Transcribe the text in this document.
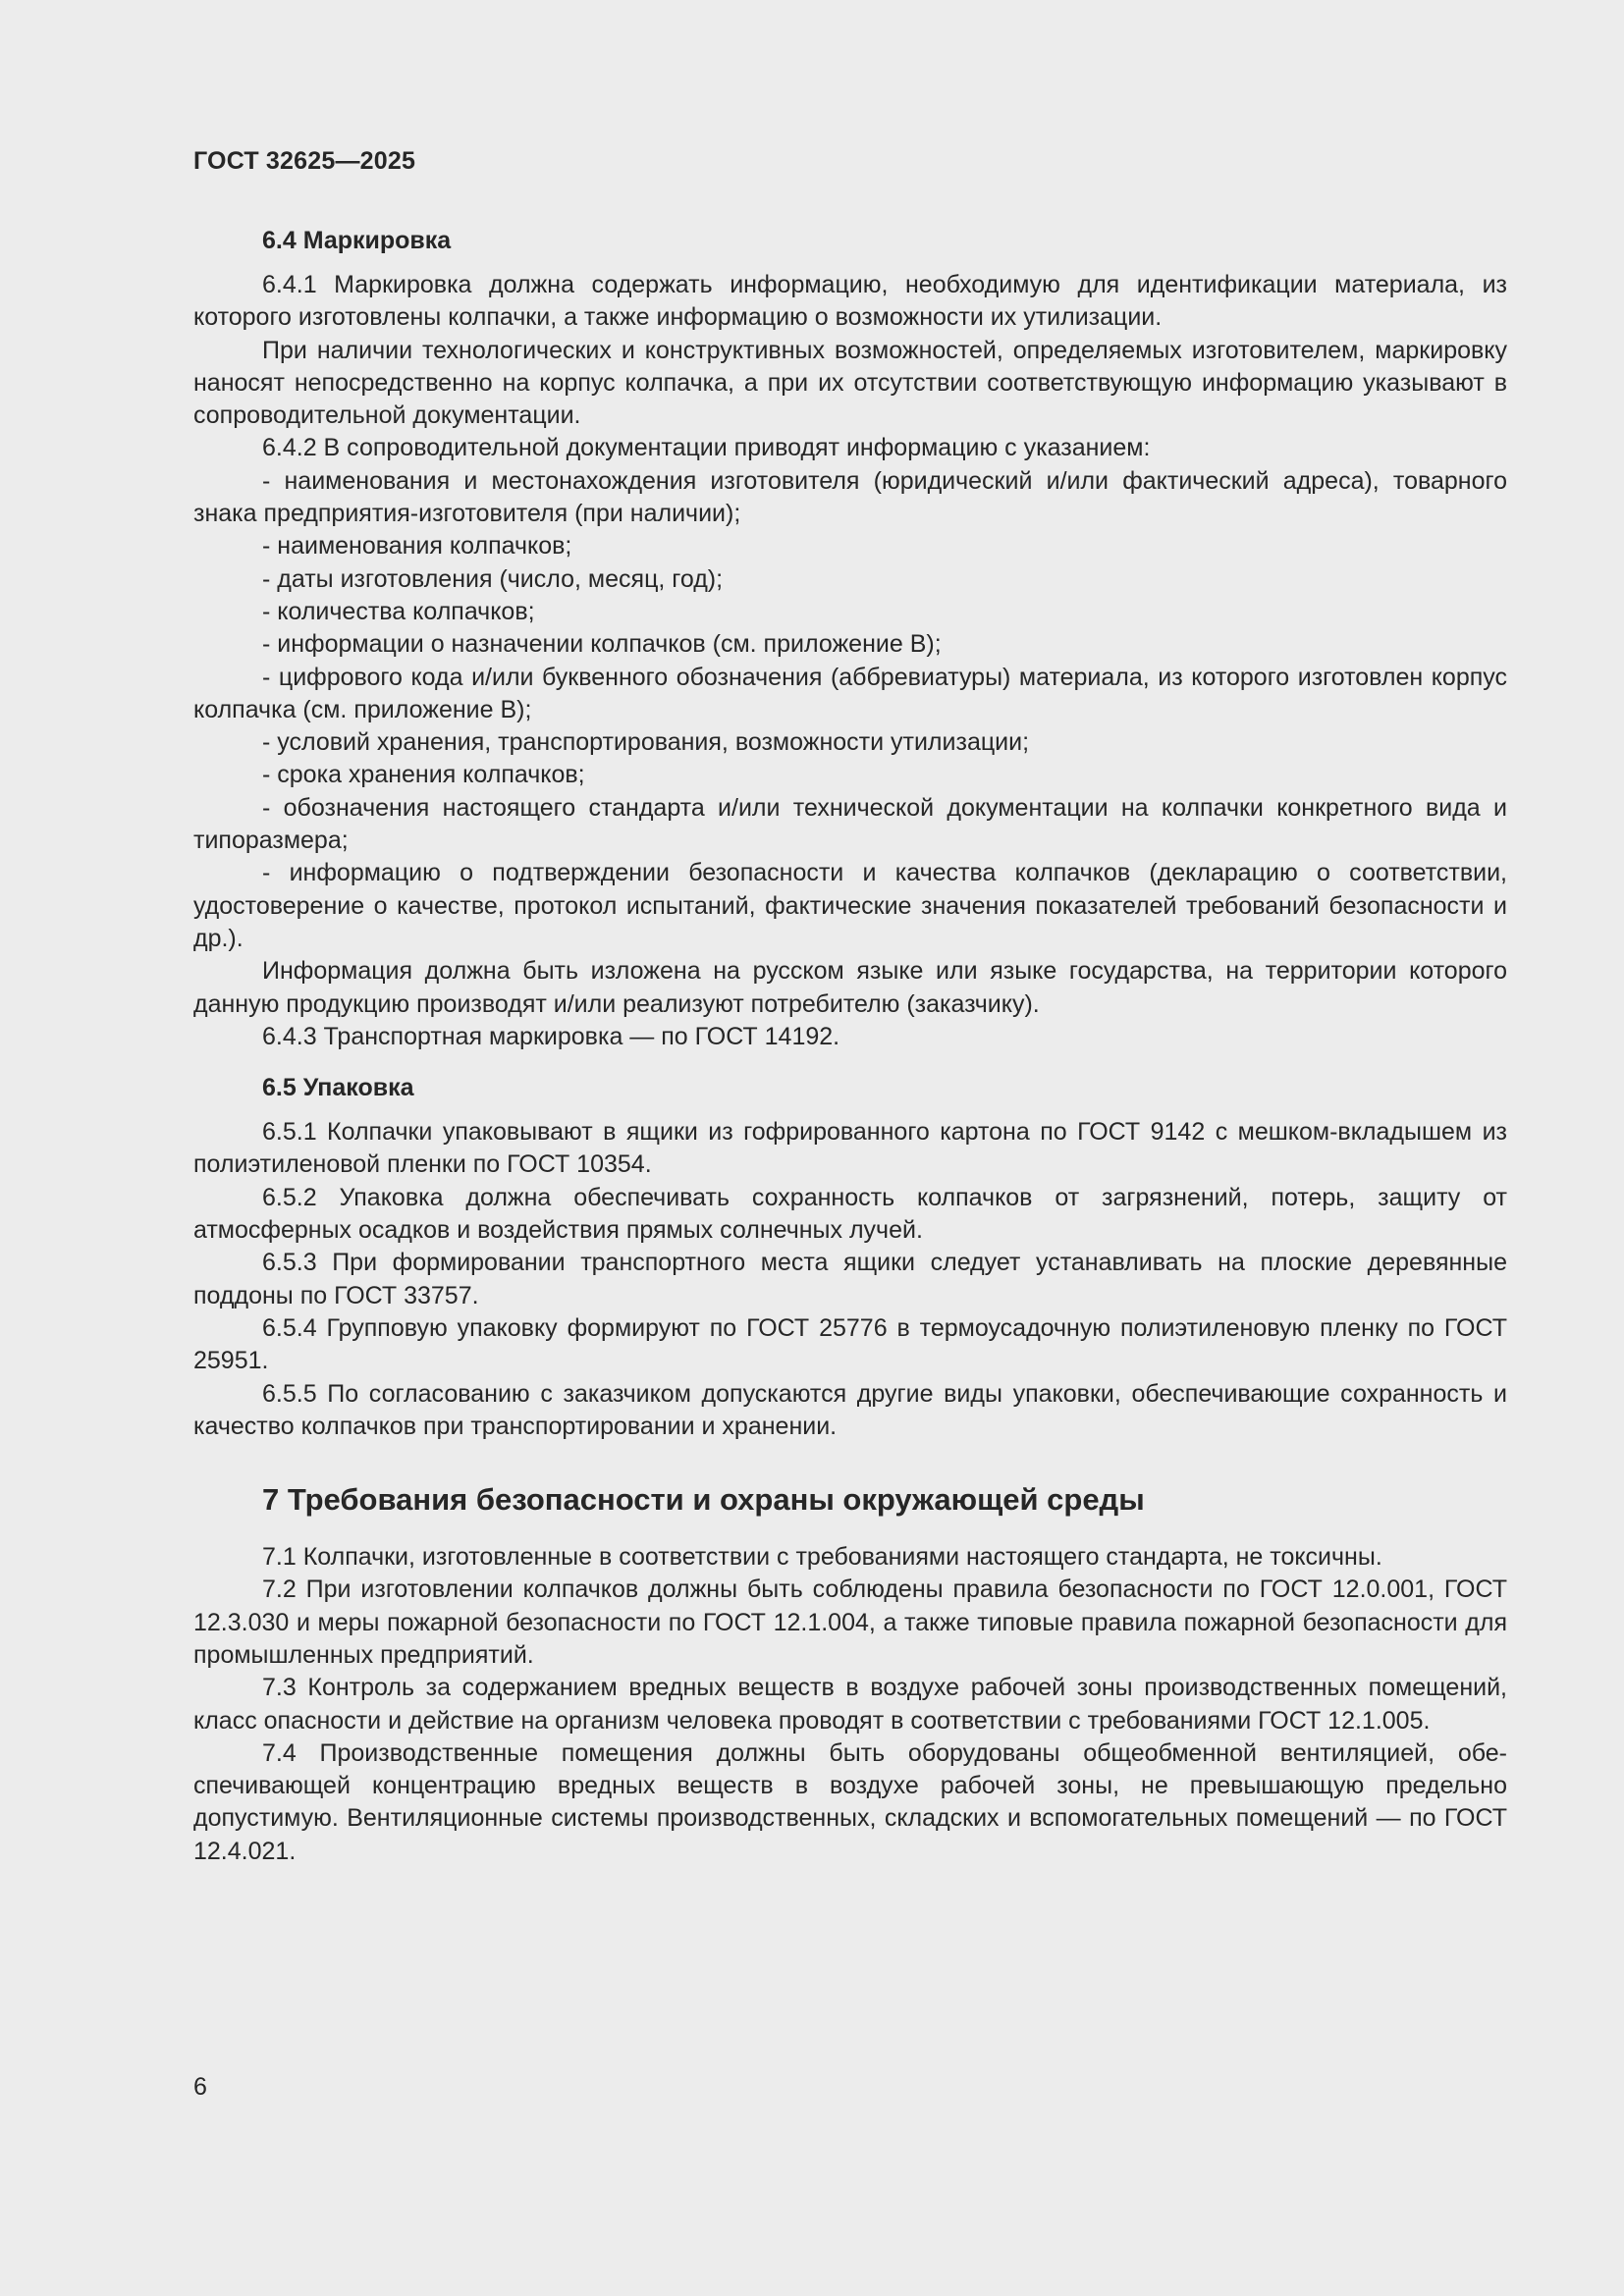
ГОСТ 32625—2025
6.4 Маркировка

6.4.1 Маркировка должна содержать информацию, необходимую для идентификации материала, из которого изготовлены колпачки, а также информацию о возможности их утилизации.

При наличии технологических и конструктивных возможностей, определяемых изготовителем, маркировку наносят непосредственно на корпус колпачка, а при их отсутствии соответствующую информацию указывают в сопроводительной документации.

6.4.2 В сопроводительной документации приводят информацию с указанием:

- наименования и местонахождения изготовителя (юридический и/или фактический адреса), товарного знака предприятия-изготовителя (при наличии);

- наименования колпачков;

- даты изготовления (число, месяц, год);

- количества колпачков;

- информации о назначении колпачков (см. приложение В);

- цифрового кода и/или буквенного обозначения (аббревиатуры) материала, из которого изготовлен корпус колпачка (см. приложение В);

- условий хранения, транспортирования, возможности утилизации;

- срока хранения колпачков;

- обозначения настоящего стандарта и/или технической документации на колпачки конкретного вида и типоразмера;

- информацию о подтверждении безопасности и качества колпачков (декларацию о соответствии, удостоверение о качестве, протокол испытаний, фактические значения показателей требований безопасности и др.).

Информация должна быть изложена на русском языке или языке государства, на территории которого данную продукцию производят и/или реализуют потребителю (заказчику).

6.4.3 Транспортная маркировка — по ГОСТ 14192.

6.5 Упаковка

6.5.1 Колпачки упаковывают в ящики из гофрированного картона по ГОСТ 9142 с мешком-вкладышем из полиэтиленовой пленки по ГОСТ 10354.

6.5.2 Упаковка должна обеспечивать сохранность колпачков от загрязнений, потерь, защиту от атмосферных осадков и воздействия прямых солнечных лучей.

6.5.3 При формировании транспортного места ящики следует устанавливать на плоские деревянные поддоны по ГОСТ 33757.

6.5.4 Групповую упаковку формируют по ГОСТ 25776 в термоусадочную полиэтиленовую пленку по ГОСТ 25951.

6.5.5 По согласованию с заказчиком допускаются другие виды упаковки, обеспечивающие сохранность и качество колпачков при транспортировании и хранении.

7 Требования безопасности и охраны окружающей среды

7.1 Колпачки, изготовленные в соответствии с требованиями настоящего стандарта, не токсичны.

7.2 При изготовлении колпачков должны быть соблюдены правила безопасности по ГОСТ 12.0.001, ГОСТ 12.3.030 и меры пожарной безопасности по ГОСТ 12.1.004, а также типовые правила пожарной безопасности для промышленных предприятий.

7.3 Контроль за содержанием вредных веществ в воздухе рабочей зоны производственных помещений, класс опасности и действие на организм человека проводят в соответствии с требованиями ГОСТ 12.1.005.

7.4 Производственные помещения должны быть оборудованы общеобменной вентиляцией, обеспечивающей концентрацию вредных веществ в воздухе рабочей зоны, не превышающую предельно допустимую. Вентиляционные системы производственных, складских и вспомогательных помещений — по ГОСТ 12.4.021.

6
